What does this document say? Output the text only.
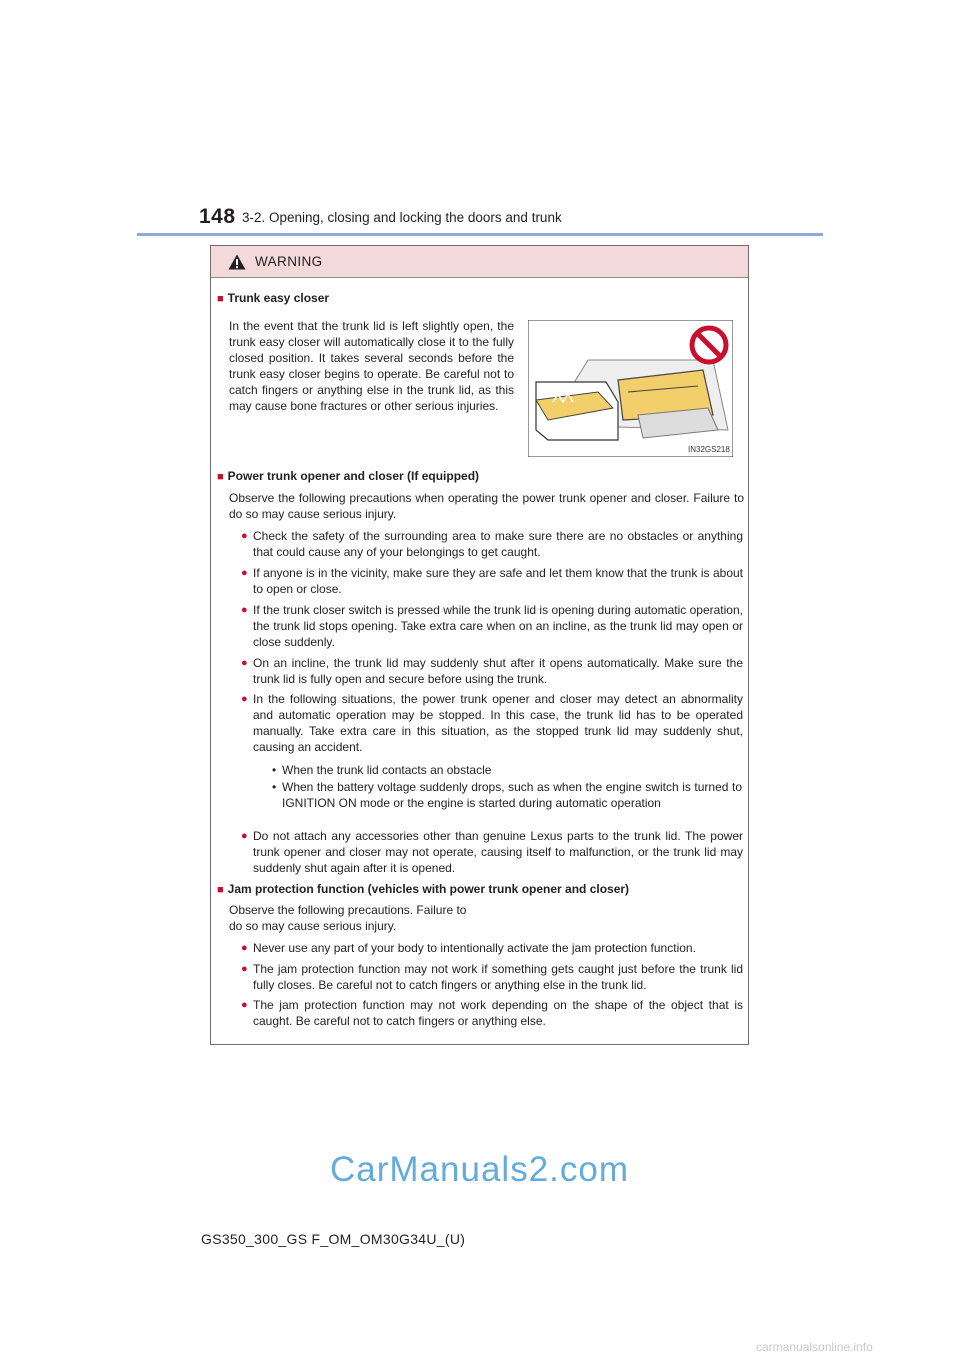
148 3-2. Opening, closing and locking the doors and trunk
WARNING
■ Trunk easy closer

In the event that the trunk lid is left slightly open, the trunk easy closer will automatically close it to the fully closed position. It takes several seconds before the trunk easy closer begins to operate. Be careful not to catch fingers or anything else in the trunk lid, as this may cause bone fractures or other serious injuries.

IN32GS218
■ Power trunk opener and closer (If equipped)

Observe the following precautions when operating the power trunk opener and closer. Failure to do so may cause serious injury.

● Check the safety of the surrounding area to make sure there are no obstacles or anything that could cause any of your belongings to get caught.
● If anyone is in the vicinity, make sure they are safe and let them know that the trunk is about to open or close.
● If the trunk closer switch is pressed while the trunk lid is opening during automatic operation, the trunk lid stops opening. Take extra care when on an incline, as the trunk lid may open or close suddenly.
● On an incline, the trunk lid may suddenly shut after it opens automatically. Make sure the trunk lid is fully open and secure before using the trunk.
● In the following situations, the power trunk opener and closer may detect an abnormality and automatic operation may be stopped. In this case, the trunk lid has to be operated manually. Take extra care in this situation, as the stopped trunk lid may suddenly shut, causing an accident.
• When the trunk lid contacts an obstacle
• When the battery voltage suddenly drops, such as when the engine switch is turned to IGNITION ON mode or the engine is started during automatic operation
● Do not attach any accessories other than genuine Lexus parts to the trunk lid. The power trunk opener and closer may not operate, causing itself to malfunction, or the trunk lid may suddenly shut again after it is opened.
■ Jam protection function (vehicles with power trunk opener and closer)

Observe the following precautions. Failure to do so may cause serious injury.

● Never use any part of your body to intentionally activate the jam protection function.
● The jam protection function may not work if something gets caught just before the trunk lid fully closes. Be careful not to catch fingers or anything else in the trunk lid.
● The jam protection function may not work depending on the shape of the object that is caught. Be careful not to catch fingers or anything else.
CarManuals2.com
GS350_300_GS F_OM_OM30G34U_(U)
carmanualsonline.info
